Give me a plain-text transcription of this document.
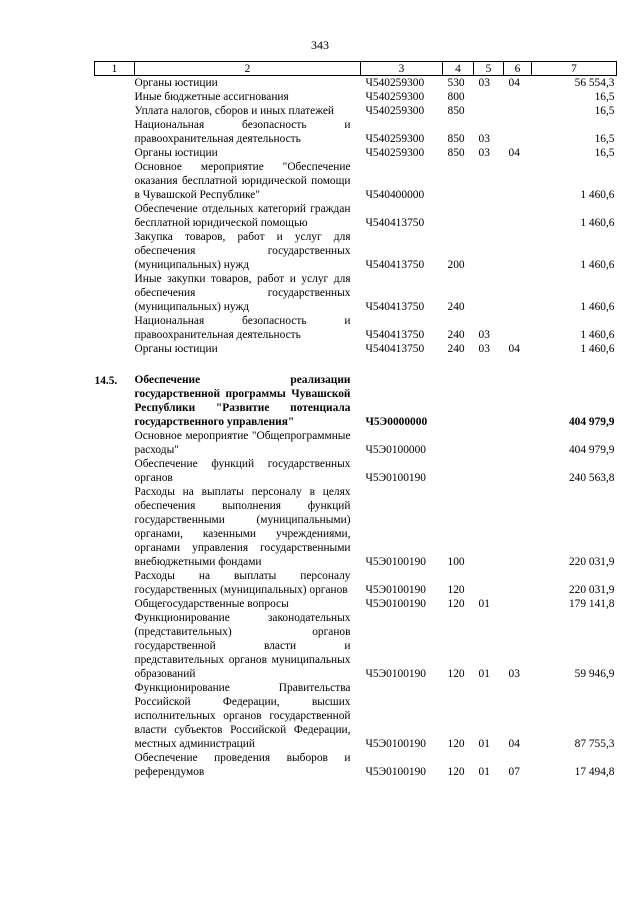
343
1	2	3	4	5	6	7
	Органы юстиции	Ч540259300	530	03	04	56 554,3
	Иные бюджетные ассигнования	Ч540259300	800			16,5
	Уплата налогов, сборов и иных платежей	Ч540259300	850			16,5
	Национальная безопасность и правоохранительная деятельность	Ч540259300	850	03		16,5
	Органы юстиции	Ч540259300	850	03	04	16,5
	Основное мероприятие "Обеспечение оказания бесплатной юридической помощи в Чувашской Республике"	Ч540400000				1 460,6
	Обеспечение отдельных категорий граждан бесплатной юридической помощью	Ч540413750				1 460,6
	Закупка товаров, работ и услуг для обеспечения государственных (муниципальных) нужд	Ч540413750	200			1 460,6
	Иные закупки товаров, работ и услуг для обеспечения государственных (муниципальных) нужд	Ч540413750	240			1 460,6
	Национальная безопасность и правоохранительная деятельность	Ч540413750	240	03		1 460,6
	Органы юстиции	Ч540413750	240	03	04	1 460,6

14.5.	Обеспечение реализации государственной программы Чувашской Республики "Развитие потенциала государственного управления"	Ч5Э0000000				404 979,9
	Основное мероприятие "Общепрограммные расходы"	Ч5Э0100000				404 979,9
	Обеспечение функций государственных органов	Ч5Э0100190				240 563,8
	Расходы на выплаты персоналу в целях обеспечения выполнения функций государственными (муниципальными) органами, казенными учреждениями, органами управления государственными внебюджетными фондами	Ч5Э0100190	100			220 031,9
	Расходы на выплаты персоналу государственных (муниципальных) органов	Ч5Э0100190	120			220 031,9
	Общегосударственные вопросы	Ч5Э0100190	120	01		179 141,8
	Функционирование законодательных (представительных) органов государственной власти и представительных органов муниципальных образований	Ч5Э0100190	120	01	03	59 946,9
	Функционирование Правительства Российской Федерации, высших исполнительных органов государственной власти субъектов Российской Федерации, местных администраций	Ч5Э0100190	120	01	04	87 755,3
	Обеспечение проведения выборов и референдумов	Ч5Э0100190	120	01	07	17 494,8
